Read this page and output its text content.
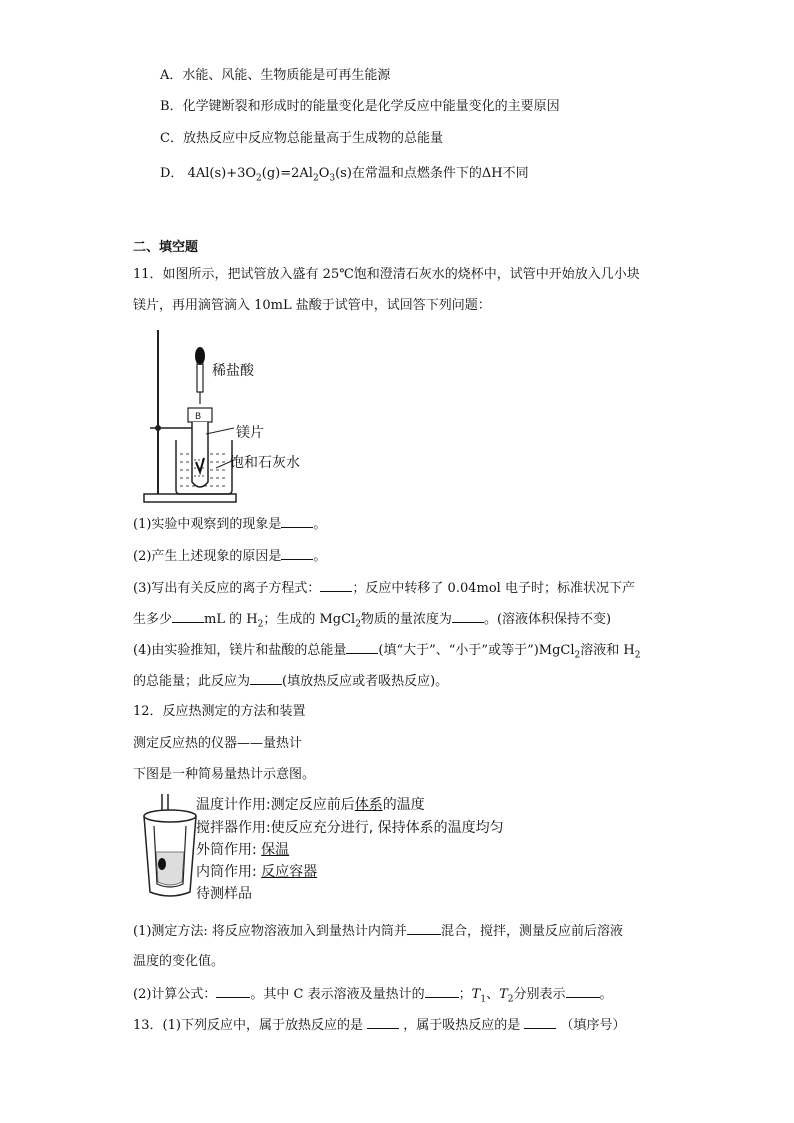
A．水能、风能、生物质能是可再生能源
B．化学键断裂和形成时的能量变化是化学反应中能量变化的主要原因
C．放热反应中反应物总能量高于生成物的总能量
D． $4Al(s)+3O_2(g)=2Al_2O_3(s)$在常温和点燃条件下的ΔH不同
二、填空题
11．如图所示，把试管放入盛有 25℃饱和澄清石灰水的烧杯中，试管中开始放入几小块
镁片，再用滴管滴入 10mL 盐酸于试管中，试回答下列问题：
B
稀盐酸
镁片
饱和石灰水
(1)实验中观察到的现象是 。
(2)产生上述现象的原因是 。
(3)写出有关反应的离子方程式： ；反应中转移了 0.04mol 电子时；标准状况下产
生多少 mL 的 $H_2$；生成的 MgCl$_2$物质的量浓度为 。(溶液体积保持不变)
(4)由实验推知，镁片和盐酸的总能量 (填“大于”、“小于”或等于”)MgCl$_2$溶液和 $H_2$
的总能量；此反应为 (填放热反应或者吸热反应)。
12．反应热测定的方法和装置
测定反应热的仪器——量热计
下图是一种简易量热计示意图。
温度计作用:测定反应前后体系的温度
搅拌器作用:使反应充分进行, 保持体系的温度均匀
外筒作用: 保温
内筒作用: 反应容器
待测样品
(1)测定方法: 将反应物溶液加入到量热计内筒并	混合，搅拌，测量反应前后溶液
温度的变化值。
(2)计算公式：	。其中 C 表示溶液及量热计的	；$T_1$、$T_2$分别表示	。
13．(1)下列反应中，属于放热反应的是	，属于吸热反应的是	（填序号）
